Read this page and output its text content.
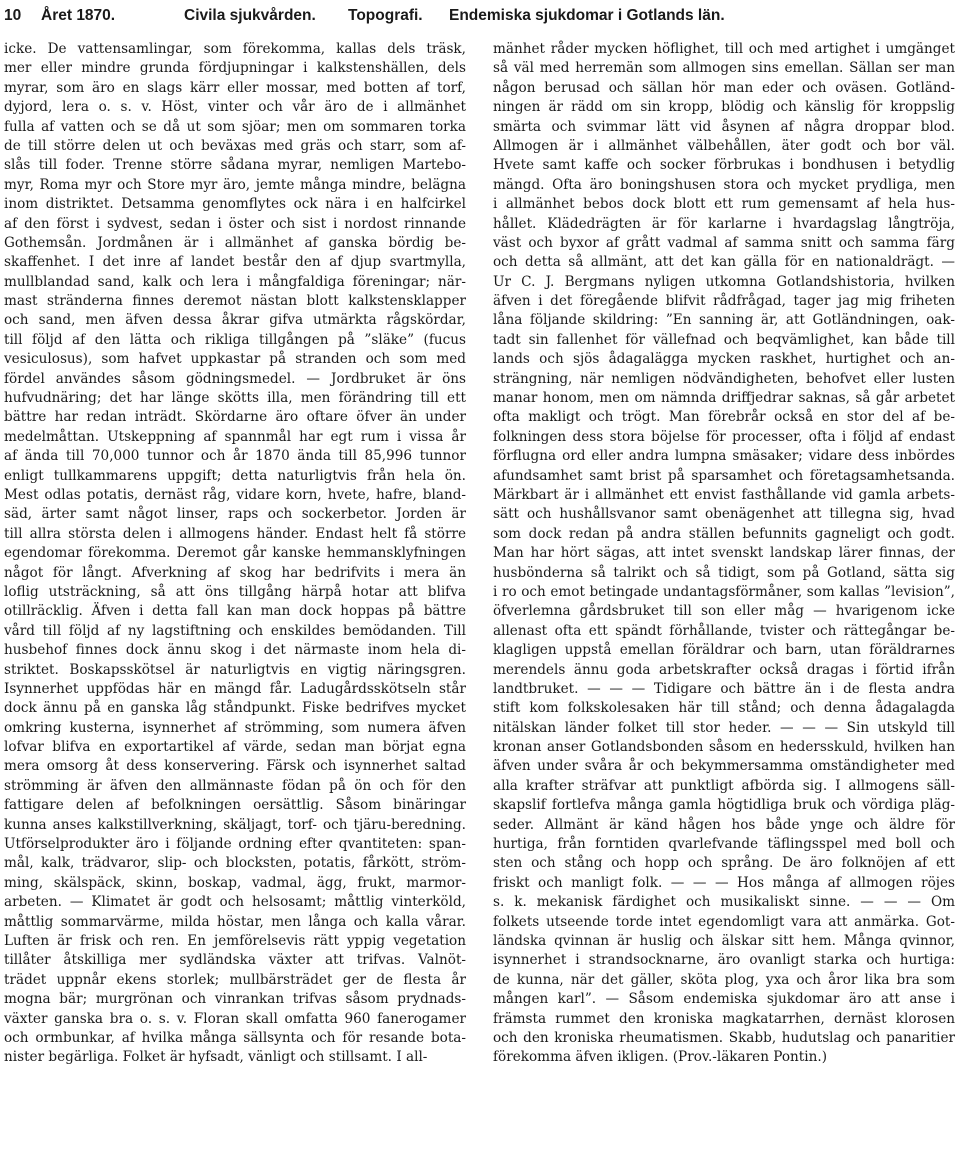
10 Året 1870.	Civila sjukvården. Topografi. Endemiska sjukdomar i Gotlands län.
icke. De vattensamlingar, som förekomma, kallas dels träsk,
mer eller mindre grunda fördjupningar i kalkstenshällen, dels
myrar, som äro en slags kärr eller mossar, med botten af torf,
dyjord, lera o. s. v. Höst, vinter och vår äro de i allmänhet
fulla af vatten och se då ut som sjöar; men om sommaren torka
de till större delen ut och beväxas med gräs och starr, som af-
slås till foder. Trenne större sådana myrar, nemligen Martebo-
myr, Roma myr och Store myr äro, jemte många mindre, belägna
inom distriktet. Detsamma genomflytes ock nära i en halfcirkel
af den först i sydvest, sedan i öster och sist i nordost rinnande
Gothemsån. Jordmånen är i allmänhet af ganska bördig be-
skaffenhet. I det inre af landet består den af djup svartmylla,
mullblandad sand, kalk och lera i mångfaldiga föreningar; när-
mast stränderna finnes deremot nästan blott kalkstensklapper
och sand, men äfven dessa åkrar gifva utmärkta rågskördar,
till följd af den lätta och rikliga tillgången på ”släke” (fucus
vesiculosus), som hafvet uppkastar på stranden och som med
fördel användes såsom gödningsmedel. — Jordbruket är öns
hufvudnäring; det har länge skötts illa, men förändring till ett
bättre har redan inträdt. Skördarne äro oftare öfver än under
medelmåttan. Utskeppning af spannmål har egt rum i vissa år
af ända till 70,000 tunnor och år 1870 ända till 85,996 tunnor
enligt tullkammarens uppgift; detta naturligtvis från hela ön.
Mest odlas potatis, dernäst råg, vidare korn, hvete, hafre, bland-
säd, ärter samt något linser, raps och sockerbetor. Jorden är
till allra största delen i allmogens händer. Endast helt få större
egendomar förekomma. Deremot går kanske hemmansklyfningen
något för långt. Afverkning af skog har bedrifvits i mera än
loflig utsträckning, så att öns tillgång härpå hotar att blifva
otillräcklig. Äfven i detta fall kan man dock hoppas på bättre
vård till följd af ny lagstiftning och enskildes bemödanden. Till
husbehof finnes dock ännu skog i det närmaste inom hela di-
striktet. Boskapsskötsel är naturligtvis en vigtig näringsgren.
Isynnerhet uppfödas här en mängd får. Ladugårdsskötseln står
dock ännu på en ganska låg ståndpunkt. Fiske bedrifves mycket
omkring kusterna, isynnerhet af strömming, som numera äfven
lofvar blifva en exportartikel af värde, sedan man börjat egna
mera omsorg åt dess konservering. Färsk och isynnerhet saltad
strömming är äfven den allmännaste födan på ön och för den
fattigare delen af befolkningen oersättlig. Såsom binäringar
kunna anses kalkstillverkning, skäljagt, torf- och tjäru-beredning.
Utförselprodukter äro i följande ordning efter qvantiteten: span-
mål, kalk, trädvaror, slip- och blocksten, potatis, fårkött, ström-
ming, skälspäck, skinn, boskap, vadmal, ägg, frukt, marmor-
arbeten. — Klimatet är godt och helsosamt; måttlig vinterköld,
måttlig sommarvärme, milda höstar, men långa och kalla vårar.
Luften är frisk och ren. En jemförelsevis rätt yppig vegetation
tillåter åtskilliga mer sydländska växter att trifvas. Valnöt-
trädet uppnår ekens storlek; mullbärsträdet ger de flesta år
mogna bär; murgrönan och vinrankan trifvas såsom prydnads-
växter ganska bra o. s. v. Floran skall omfatta 960 fanerogamer
och ormbunkar, af hvilka många sällsynta och för resande bota-
nister begärliga. Folket är hyfsadt, vänligt och stillsamt. I all-
mänhet råder mycken höflighet, till och med artighet i umgänget
så väl med herremän som allmogen sins emellan. Sällan ser man
någon berusad och sällan hör man eder och oväsen. Gotländ-
ningen är rädd om sin kropp, blödig och känslig för kroppslig
smärta och svimmar lätt vid åsynen af några droppar blod.
Allmogen är i allmänhet välbehållen, äter godt och bor väl.
Hvete samt kaffe och socker förbrukas i bondhusen i betydlig
mängd. Ofta äro boningshusen stora och mycket prydliga, men
i allmänhet bebos dock blott ett rum gemensamt af hela hus-
hållet. Klädedrägten är för karlarne i hvardagslag långtröja,
väst och byxor af grått vadmal af samma snitt och samma färg
och detta så allmänt, att det kan gälla för en nationaldrägt. —
Ur C. J. Bergmans nyligen utkomna Gotlandshistoria, hvilken
äfven i det föregående blifvit rådfrågad, tager jag mig friheten
låna följande skildring: ”En sanning är, att Gotländningen, oak-
tadt sin fallenhet för vällefnad och beqvämlighet, kan både till
lands och sjös ådagalägga mycken raskhet, hurtighet och an-
strängning, när nemligen nödvändigheten, behofvet eller lusten
manar honom, men om nämnda driffjedrar saknas, så går arbetet
ofta makligt och trögt. Man förebrår också en stor del af be-
folkningen dess stora böjelse för processer, ofta i följd af endast
förflugna ord eller andra lumpna smäsaker; vidare dess inbördes
afundsamhet samt brist på sparsamhet och företagsamhetsanda.
Märkbart är i allmänhet ett envist fasthållande vid gamla arbets-
sätt och hushållsvanor samt obenägenhet att tillegna sig, hvad
som dock redan på andra ställen befunnits gagneligt och godt.
Man har hört sägas, att intet svenskt landskap lärer finnas, der
husbönderna så talrikt och så tidigt, som på Gotland, sätta sig
i ro och emot betingade undantagsförmåner, som kallas ”levision”,
öfverlemna gårdsbruket till son eller måg — hvarigenom icke
allenast ofta ett spändt förhållande, tvister och rättegångar be-
klagligen uppstå emellan föräldrar och barn, utan föräldrarnes
merendels ännu goda arbetskrafter också dragas i förtid ifrån
landtbruket. — — — Tidigare och bättre än i de flesta andra
stift kom folkskolesaken här till stånd; och denna ådagalagda
nitälskan länder folket till stor heder. — — — Sin utskyld till
kronan anser Gotlandsbonden såsom en hedersskuld, hvilken han
äfven under svåra år och bekymmersamma omständigheter med
alla krafter sträfvar att punktligt afbörda sig. I allmogens säll-
skapslif fortlefva många gamla högtidliga bruk och vördiga pläg-
seder. Allmänt är känd hågen hos både ynge och äldre för
hurtiga, från forntiden qvarlefvande täflingsspel med boll och
sten och stång och hopp och språng. De äro folknöjen af ett
friskt och manligt folk. — — — Hos många af allmogen röjes
s. k. mekanisk färdighet och musikaliskt sinne. — — — Om
folkets utseende torde intet egendomligt vara att anmärka. Got-
ländska qvinnan är huslig och älskar sitt hem. Många qvinnor,
isynnerhet i strandsocknarne, äro ovanligt starka och hurtiga:
de kunna, när det gäller, sköta plog, yxa och åror lika bra som
mången karl”. — Såsom endemiska sjukdomar äro att anse i
främsta rummet den kroniska magkatarrhen, dernäst klorosen
och den kroniska rheumatismen. Skabb, hudutslag och panaritier
förekomma äfven ikligen. (Prov.-läkaren Pontin.)
